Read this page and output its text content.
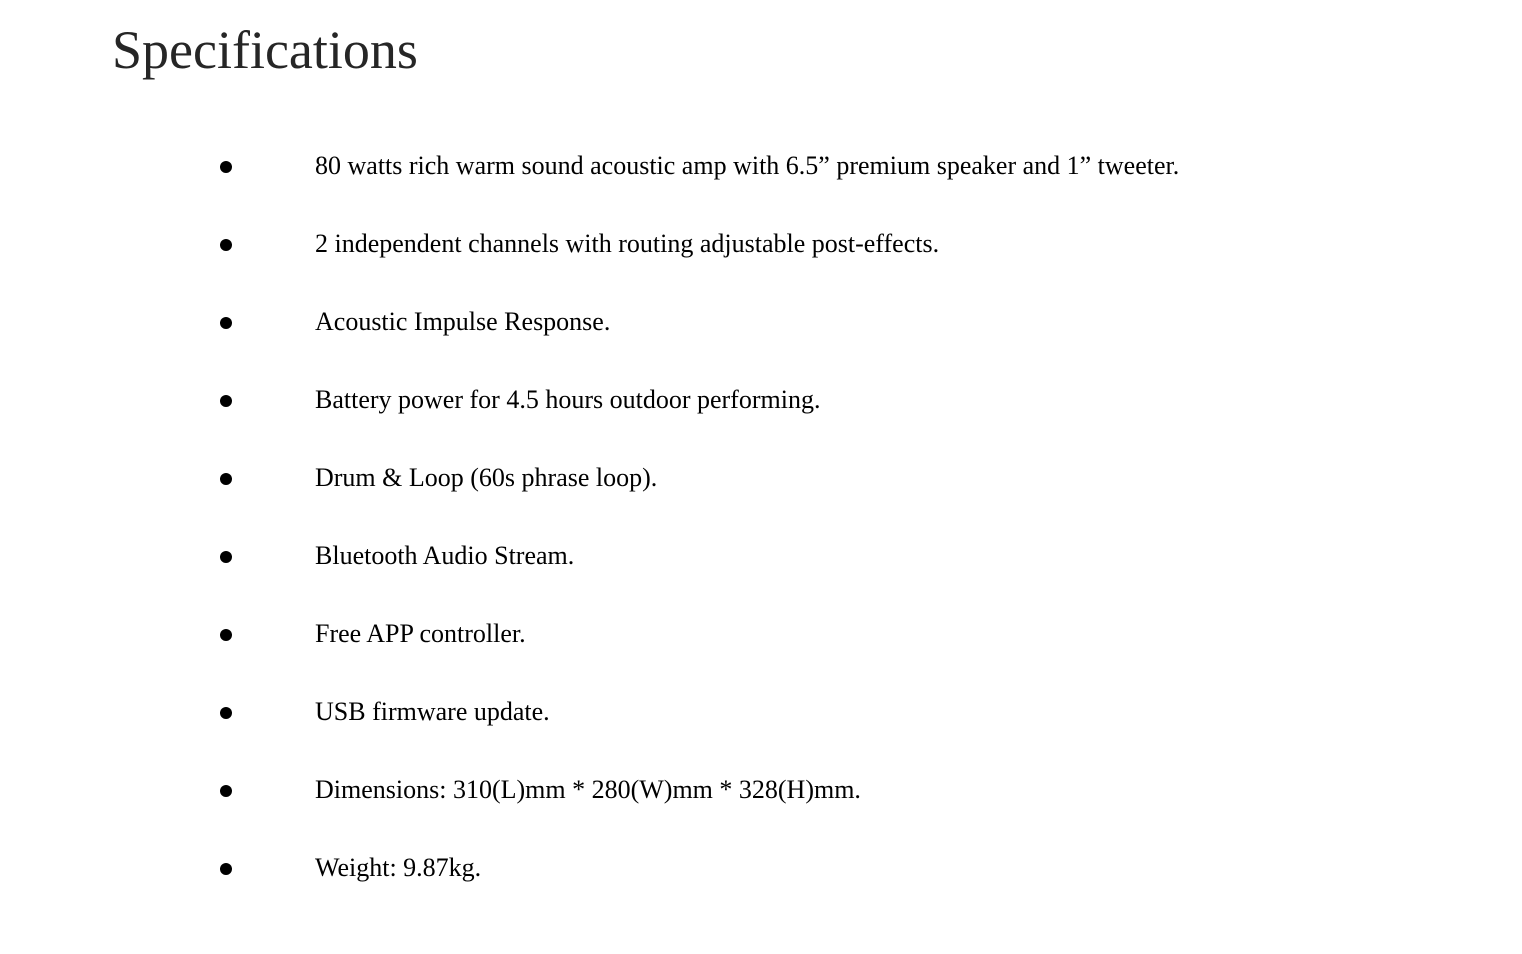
Specifications
80 watts rich warm sound acoustic amp with 6.5” premium speaker and 1” tweeter.
2 independent channels with routing adjustable post-effects.
Acoustic Impulse Response.
Battery power for 4.5 hours outdoor performing.
Drum & Loop (60s phrase loop).
Bluetooth Audio Stream.
Free APP controller.
USB firmware update.
Dimensions: 310(L)mm * 280(W)mm * 328(H)mm.
Weight: 9.87kg.
